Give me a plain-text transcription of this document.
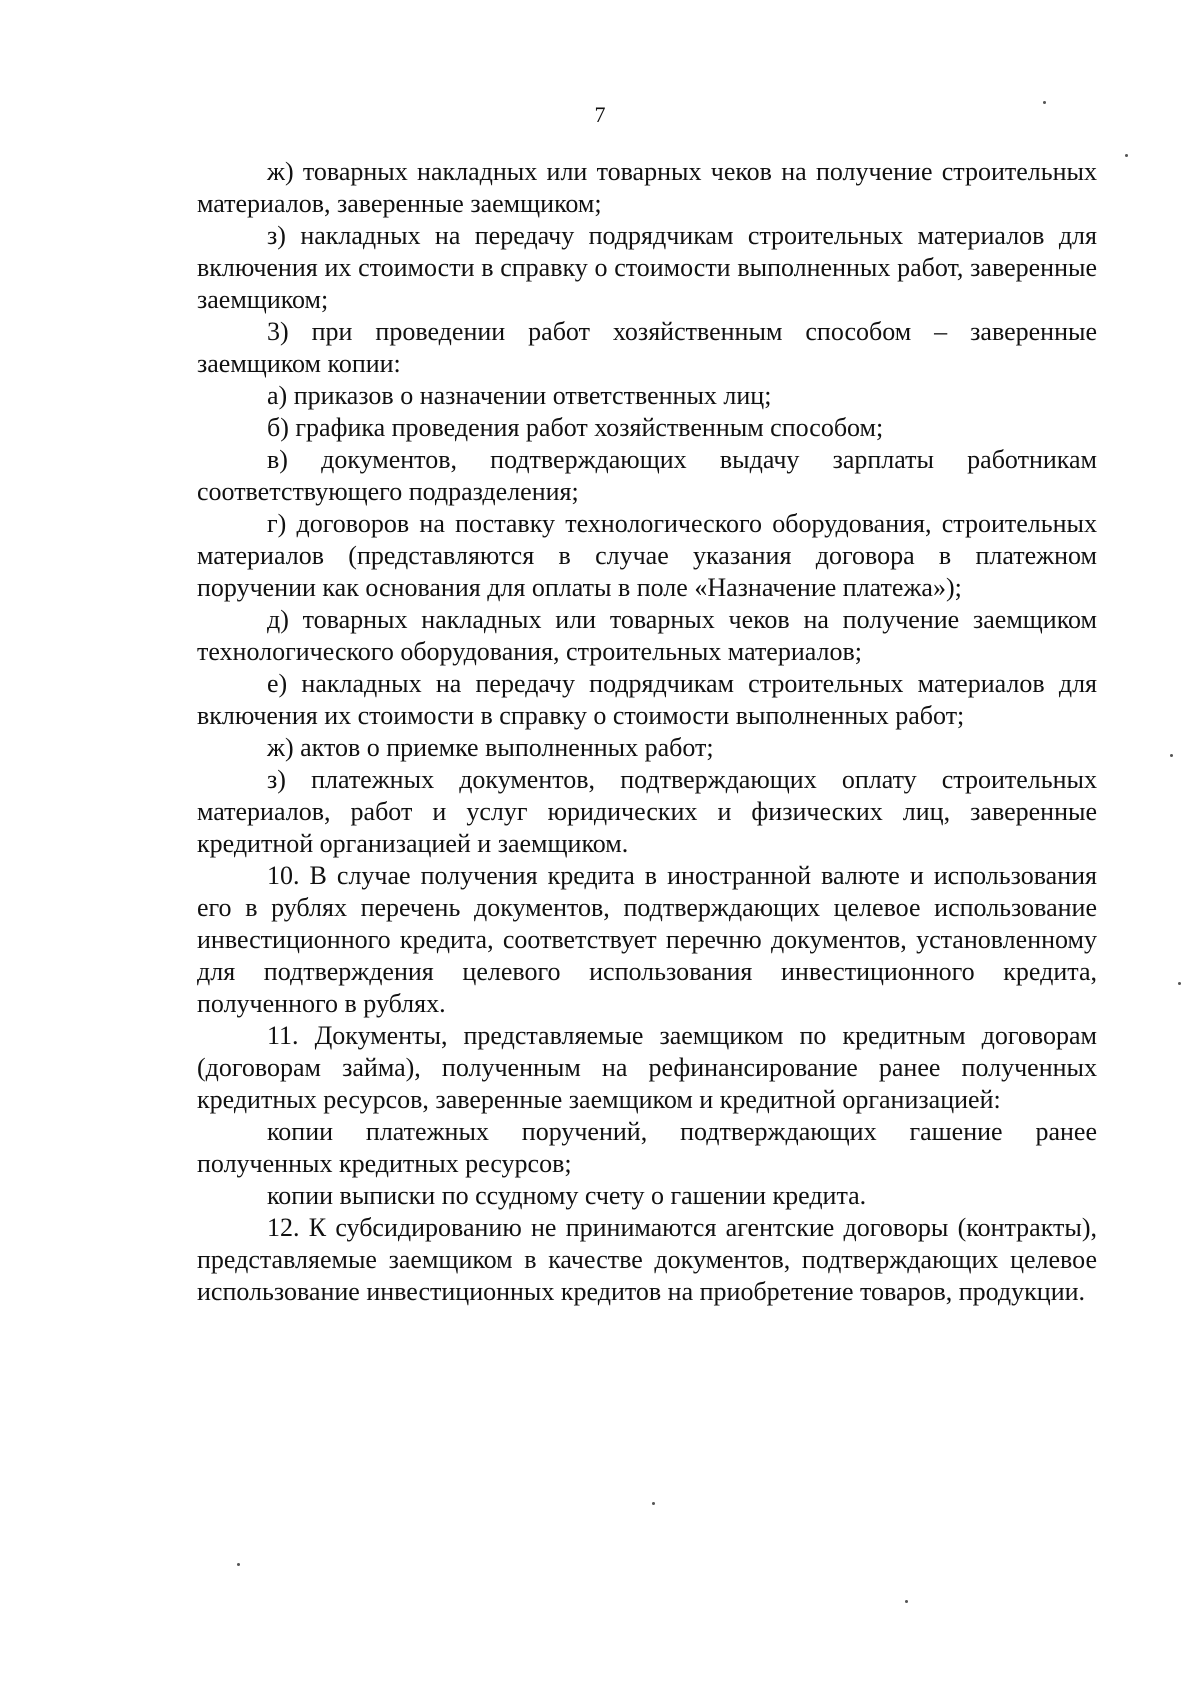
7

ж) товарных накладных или товарных чеков на получение строительных материалов, заверенные заемщиком;

з) накладных на передачу подрядчикам строительных материалов для включения их стоимости в справку о стоимости выполненных работ, заверенные заемщиком;

3) при проведении работ хозяйственным способом – заверенные заемщиком копии:

а) приказов о назначении ответственных лиц;

б) графика проведения работ хозяйственным способом;

в) документов, подтверждающих выдачу зарплаты работникам соответствующего подразделения;

г) договоров на поставку технологического оборудования, строительных материалов (представляются в случае указания договора в платежном поручении как основания для оплаты в поле «Назначение платежа»);

д) товарных накладных или товарных чеков на получение заемщиком технологического оборудования, строительных материалов;

е) накладных на передачу подрядчикам строительных материалов для включения их стоимости в справку о стоимости выполненных работ;

ж) актов о приемке выполненных работ;

з) платежных документов, подтверждающих оплату строительных материалов, работ и услуг юридических и физических лиц, заверенные кредитной организацией и заемщиком.

10. В случае получения кредита в иностранной валюте и использования его в рублях перечень документов, подтверждающих целевое использование инвестиционного кредита, соответствует перечню документов, установленному для подтверждения целевого использования инвестиционного кредита, полученного в рублях.

11. Документы, представляемые заемщиком по кредитным договорам (договорам займа), полученным на рефинансирование ранее полученных кредитных ресурсов, заверенные заемщиком и кредитной организацией:

копии платежных поручений, подтверждающих гашение ранее полученных кредитных ресурсов;

копии выписки по ссудному счету о гашении кредита.

12. К субсидированию не принимаются агентские договоры (контракты), представляемые заемщиком в качестве документов, подтверждающих целевое использование инвестиционных кредитов на приобретение товаров, продукции.
